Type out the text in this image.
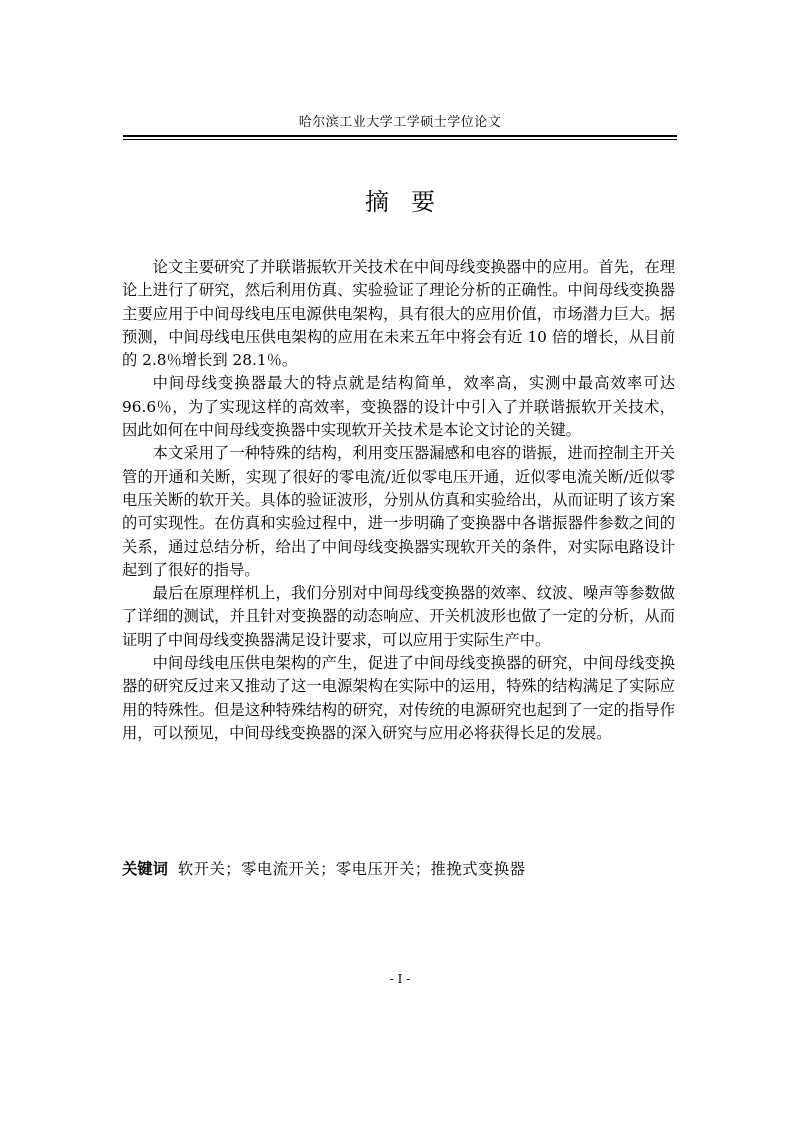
哈尔滨工业大学工学硕士学位论文
摘要

论文主要研究了并联谐振软开关技术在中间母线变换器中的应用。首先，在理论上进行了研究，然后利用仿真、实验验证了理论分析的正确性。中间母线变换器主要应用于中间母线电压电源供电架构，具有很大的应用价值，市场潜力巨大。据预测，中间母线电压供电架构的应用在未来五年中将会有近 10 倍的增长，从目前的 2.8％增长到 28.1％。

中间母线变换器最大的特点就是结构简单，效率高，实测中最高效率可达 96.6％，为了实现这样的高效率，变换器的设计中引入了并联谐振软开关技术，因此如何在中间母线变换器中实现软开关技术是本论文讨论的关键。

本文采用了一种特殊的结构，利用变压器漏感和电容的谐振，进而控制主开关管的开通和关断，实现了很好的零电流/近似零电压开通，近似零电流关断/近似零电压关断的软开关。具体的验证波形，分别从仿真和实验给出，从而证明了该方案的可实现性。在仿真和实验过程中，进一步明确了变换器中各谐振器件参数之间的关系，通过总结分析，给出了中间母线变换器实现软开关的条件，对实际电路设计起到了很好的指导。

最后在原理样机上，我们分别对中间母线变换器的效率、纹波、噪声等参数做了详细的测试，并且针对变换器的动态响应、开关机波形也做了一定的分析，从而证明了中间母线变换器满足设计要求，可以应用于实际生产中。

中间母线电压供电架构的产生，促进了中间母线变换器的研究，中间母线变换器的研究反过来又推动了这一电源架构在实际中的运用，特殊的结构满足了实际应用的特殊性。但是这种特殊结构的研究，对传统的电源研究也起到了一定的指导作用，可以预见，中间母线变换器的深入研究与应用必将获得长足的发展。

关键词 软开关；零电流开关；零电压开关；推挽式变换器
- I -
